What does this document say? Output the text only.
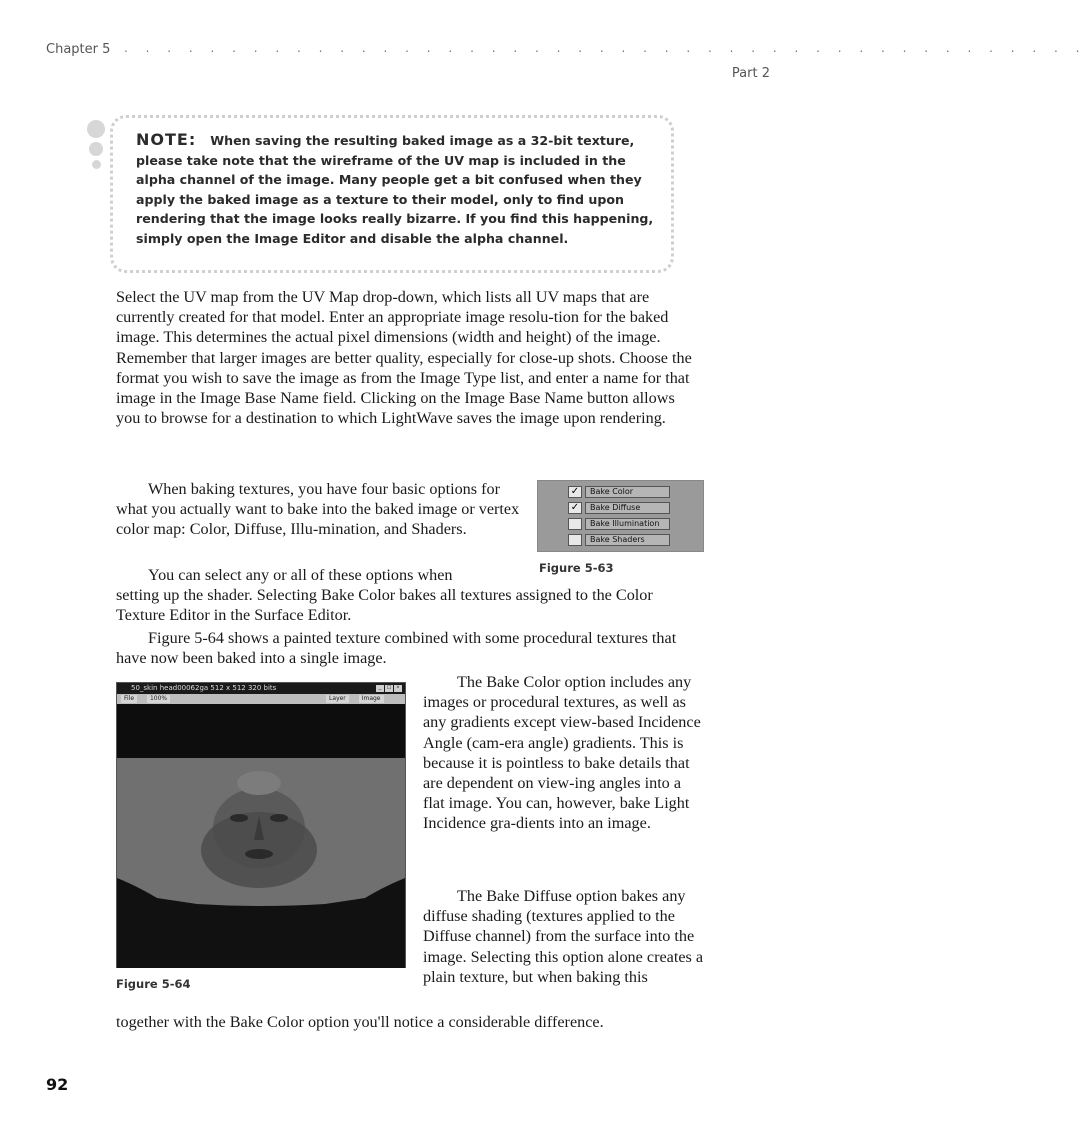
Chapter 5 . . . . . . . . . . . . . . . . . . . . . . . . . . . . . . . . . . . . . . . . . . . . .
Part 2
NOTE: When saving the resulting baked image as a 32-bit texture, please take note that the wireframe of the UV map is included in the alpha channel of the image. Many people get a bit confused when they apply the baked image as a texture to their model, only to find upon rendering that the image looks really bizarre. If you find this happening, simply open the Image Editor and disable the alpha channel.

Select the UV map from the UV Map drop-down, which lists all UV maps that are currently created for that model. Enter an appropriate image resolu-tion for the baked image. This determines the actual pixel dimensions (width and height) of the image. Remember that larger images are better quality, especially for close-up shots. Choose the format you wish to save the image as from the Image Type list, and enter a name for that image in the Image Base Name field. Clicking on the Image Base Name button allows you to browse for a destination to which LightWave saves the image upon rendering.

When baking textures, you have four basic options for what you actually want to bake into the baked image or vertex color map: Color, Diffuse, Illu-mination, and Shaders.

You can select any or all of these options when

setting up the shader. Selecting Bake Color bakes all textures assigned to the Color Texture Editor in the Surface Editor.

Figure 5-64 shows a painted texture combined with some procedural textures that have now been baked into a single image.

✓	Bake Color
✓	Bake Diffuse
Bake Illumination
Bake Shaders
Figure 5-63
50_skin head00062ga 512 x 512 320 bits	_ □ ×
File	100%	Layer	Image
Figure 5-64

The Bake Color option includes any images or procedural textures, as well as any gradients except view-based Incidence Angle (cam-era angle) gradients. This is because it is pointless to bake details that are dependent on view-ing angles into a flat image. You can, however, bake Light Incidence gra-dients into an image.

The Bake Diffuse option bakes any diffuse shading (textures applied to the Diffuse channel) from the surface into the image. Selecting this option alone creates a plain texture, but when baking this

together with the Bake Color option you'll notice a considerable difference.

92
